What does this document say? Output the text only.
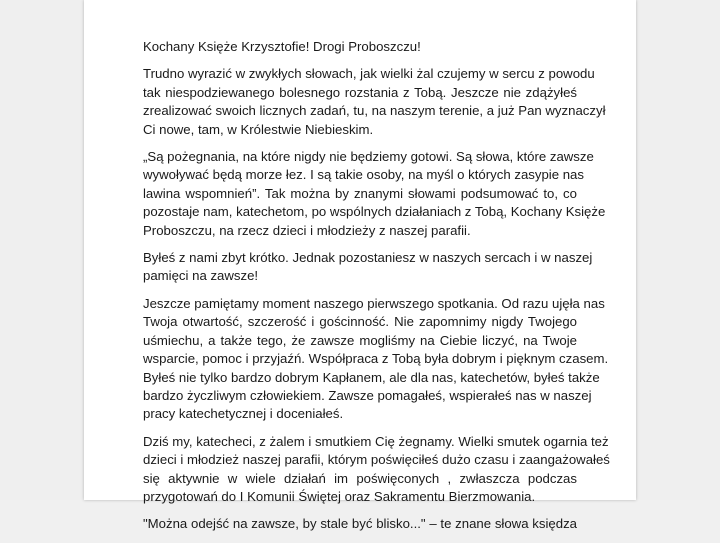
Kochany Księże Krzysztofie! Drogi Proboszczu!
Trudno wyrazić w zwykłych słowach, jak wielki żal czujemy w sercu z powodu
tak niespodziewanego bolesnego rozstania z Tobą. Jeszcze nie zdążyłeś
zrealizować swoich licznych zadań, tu, na naszym terenie, a już Pan wyznaczył
Ci nowe, tam, w Królestwie Niebieskim.
„Są pożegnania, na które nigdy nie będziemy gotowi. Są słowa, które zawsze
wywoływać będą morze łez. I są takie osoby, na myśl o których zasypie nas
lawina wspomnień”. Tak można by znanymi słowami podsumować to, co
pozostaje nam, katechetom, po wspólnych działaniach z Tobą, Kochany Księże
Proboszczu, na rzecz dzieci i młodzieży z naszej parafii.
Byłeś z nami zbyt krótko. Jednak pozostaniesz w naszych sercach i w naszej
pamięci na zawsze!
Jeszcze pamiętamy moment naszego pierwszego spotkania. Od razu ujęła nas
Twoja otwartość, szczerość i gościnność. Nie zapomnimy nigdy Twojego
uśmiechu, a także tego, że zawsze mogliśmy na Ciebie liczyć, na Twoje
wsparcie, pomoc i przyjaźń. Współpraca z Tobą była dobrym i pięknym czasem.
Byłeś nie tylko bardzo dobrym Kapłanem, ale dla nas, katechetów, byłeś także
bardzo życzliwym człowiekiem. Zawsze pomagałeś, wspierałeś nas w naszej
pracy katechetycznej i doceniałeś.
Dziś my, katecheci, z żalem i smutkiem Cię żegnamy. Wielki smutek ogarnia też
dzieci i młodzież naszej parafii, którym poświęciłeś dużo czasu i zaangażowałeś
się aktywnie w wiele działań im poświęconych , zwłaszcza podczas
przygotowań do I Komunii Świętej oraz Sakramentu Bierzmowania.
"Można odejść na zawsze, by stale być blisko..." – te znane słowa księdza
